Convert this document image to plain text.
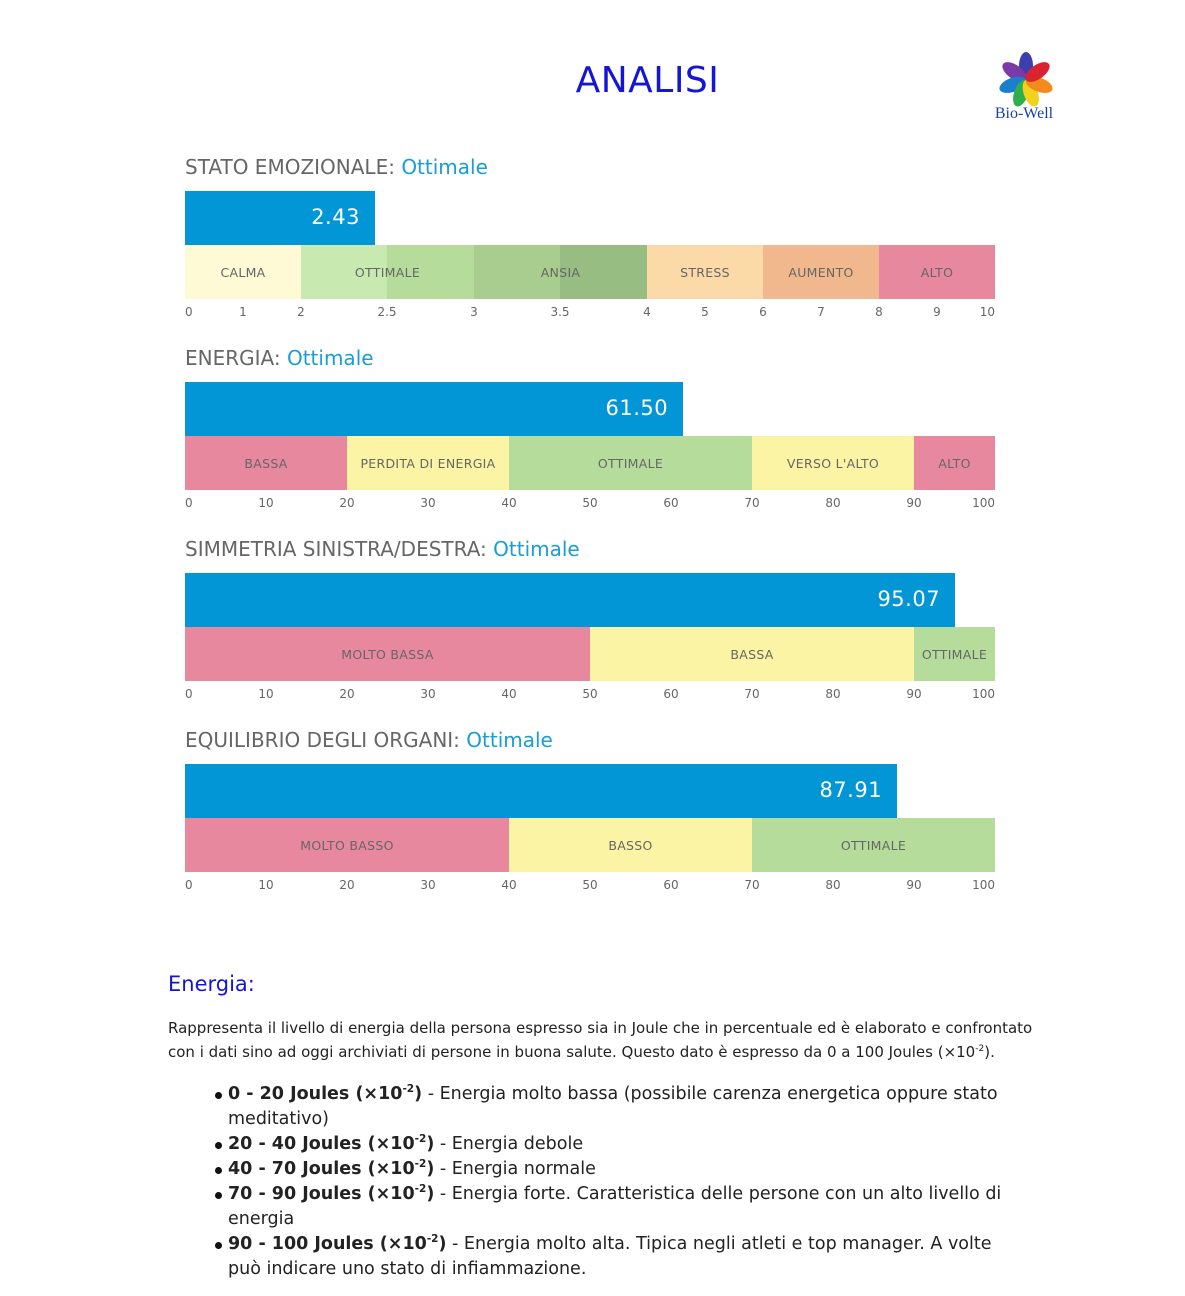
ANALISI
Bio-Well
STATO EMOZIONALE: Ottimale
2.43
CALMA	OTTIMALE	ANSIA	STRESS	AUMENTO	ALTO
0	1	2	2.5	3	3.5	4	5	6	7	8	9	10
ENERGIA: Ottimale
61.50
BASSA	PERDITA DI ENERGIA	OTTIMALE	VERSO L'ALTO	ALTO
0	10	20	30	40	50	60	70	80	90	100
SIMMETRIA SINISTRA/DESTRA: Ottimale
95.07
MOLTO BASSA	BASSA	OTTIMALE
0	10	20	30	40	50	60	70	80	90	100
EQUILIBRIO DEGLI ORGANI: Ottimale
87.91
MOLTO BASSO	BASSO	OTTIMALE
0	10	20	30	40	50	60	70	80	90	100
Energia:

Rappresenta il livello di energia della persona espresso sia in Joule che in percentuale ed è elaborato e confrontato con i dati sino ad oggi archiviati di persone in buona salute. Questo dato è espresso da 0 a 100 Joules $(\times 10^{-2})$.

0 - 20 Joules $(\times 10^{-2})$ - Energia molto bassa (possibile carenza energetica oppure stato meditativo)
20 - 40 Joules $(\times 10^{-2})$ - Energia debole
40 - 70 Joules $(\times 10^{-2})$ - Energia normale
70 - 90 Joules $(\times 10^{-2})$ - Energia forte. Caratteristica delle persone con un alto livello di energia
90 - 100 Joules $(\times 10^{-2})$ - Energia molto alta. Tipica negli atleti e top manager. A volte può indicare uno stato di infiammazione.
